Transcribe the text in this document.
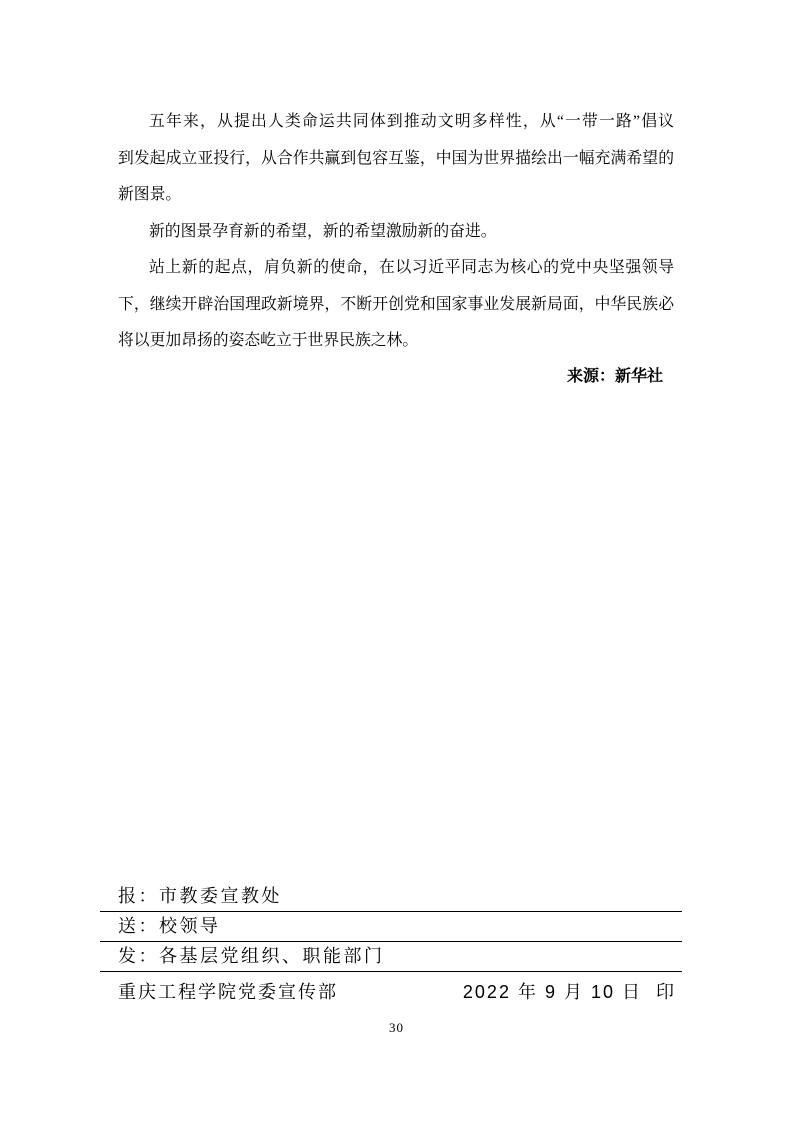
五年来，从提出人类命运共同体到推动文明多样性，从“一带一路”倡议
到发起成立亚投行，从合作共赢到包容互鉴，中国为世界描绘出一幅充满希望的
新图景。
新的图景孕育新的希望，新的希望激励新的奋进。
站上新的起点，肩负新的使命，在以习近平同志为核心的党中央坚强领导
下，继续开辟治国理政新境界，不断开创党和国家事业发展新局面，中华民族必
将以更加昂扬的姿态屹立于世界民族之林。
来源：新华社
报：市教委宣教处
送：校领导
发：各基层党组织、职能部门
重庆工程学院党委宣传部	2022 年 9 月 10 日  印
30
